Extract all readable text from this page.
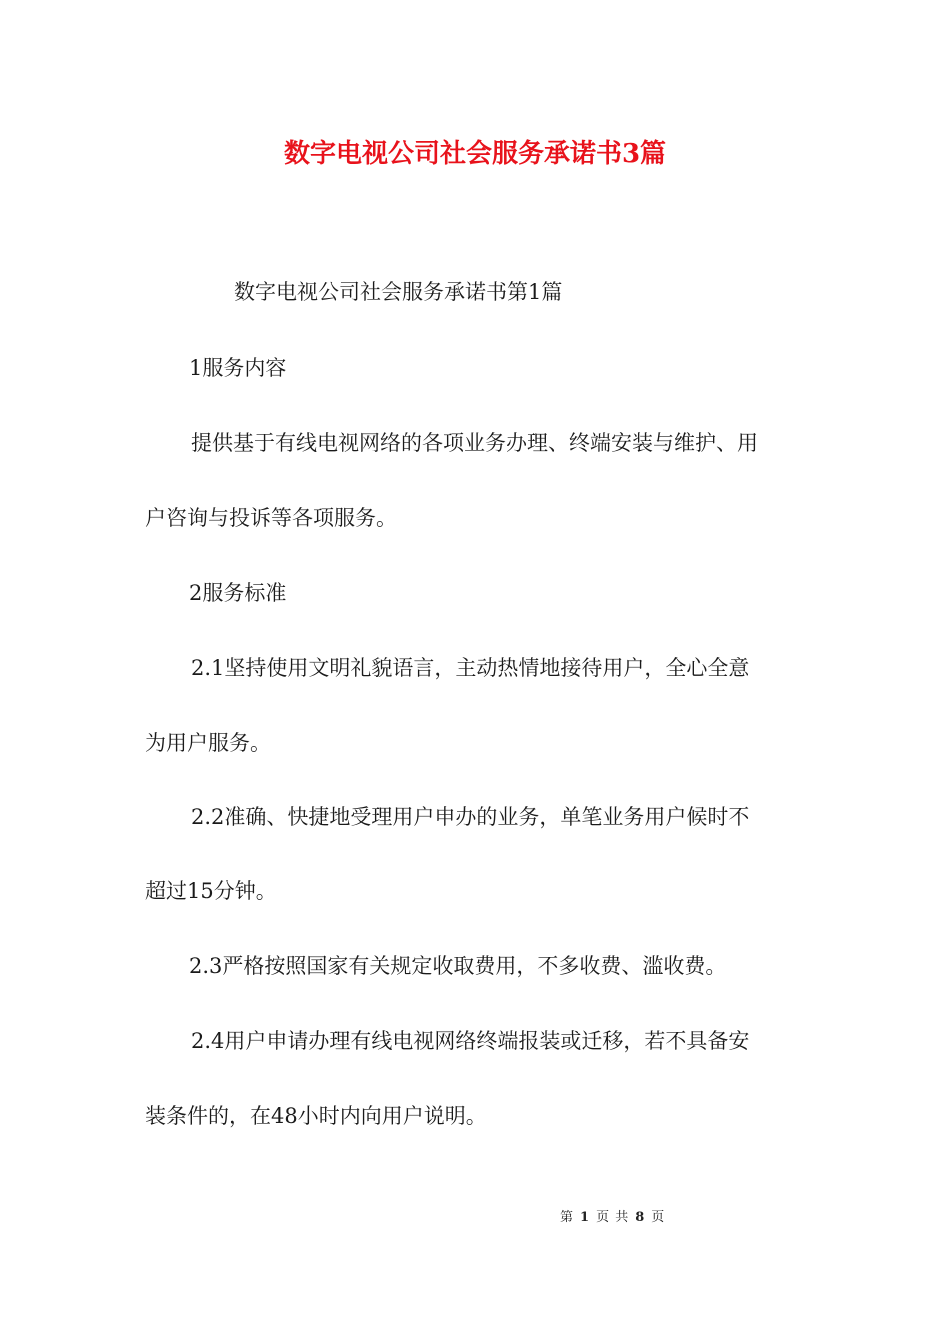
数字电视公司社会服务承诺书3篇
数字电视公司社会服务承诺书第1篇
1服务内容
提供基于有线电视网络的各项业务办理、终端安装与维护、用
户咨询与投诉等各项服务。
2服务标准
2.1坚持使用文明礼貌语言，主动热情地接待用户，全心全意
为用户服务。
2.2准确、快捷地受理用户申办的业务，单笔业务用户候时不
超过15分钟。
2.3严格按照国家有关规定收取费用，不多收费、滥收费。
2.4用户申请办理有线电视网络终端报装或迁移，若不具备安
装条件的，在48小时内向用户说明。
第 1 页 共 8 页
